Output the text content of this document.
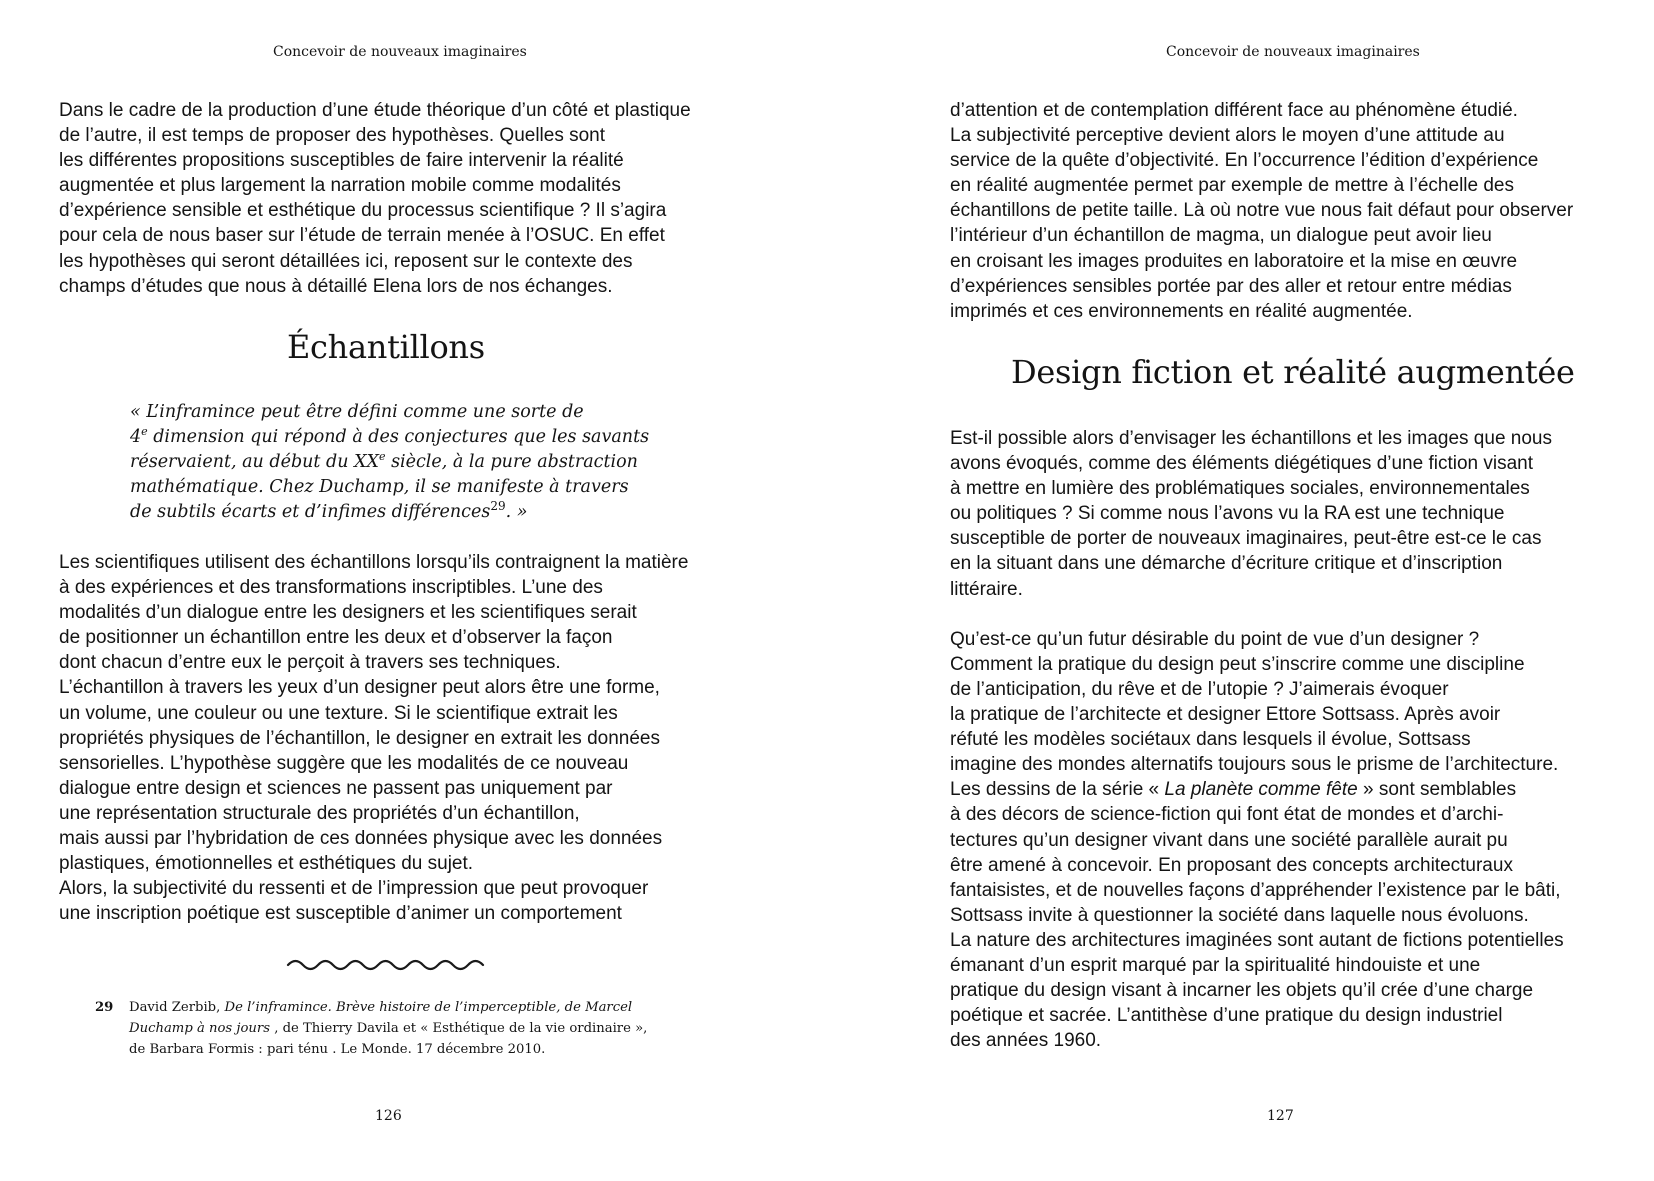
Concevoir de nouveaux imaginaires
Dans le cadre de la production d’une étude théorique d’un côté et plastique
de l’autre, il est temps de proposer des hypothèses. Quelles sont
les différentes propositions susceptibles de faire intervenir la réalité
augmentée et plus largement la narration mobile comme modalités
d’expérience sensible et esthétique du processus scientifique ? Il s’agira
pour cela de nous baser sur l’étude de terrain menée à l’OSUC. En effet
les hypothèses qui seront détaillées ici, reposent sur le contexte des
champs d’études que nous à détaillé Elena lors de nos échanges.
Échantillons
« L’inframince peut être défini comme une sorte de
4e dimension qui répond à des conjectures que les savants
réservaient, au début du XXe siècle, à la pure abstraction
mathématique. Chez Duchamp, il se manifeste à travers
de subtils écarts et d’infimes différences$^{29}$. »
Les scientifiques utilisent des échantillons lorsqu’ils contraignent la matière
à des expériences et des transformations inscriptibles. L’une des
modalités d’un dialogue entre les designers et les scientifiques serait
de positionner un échantillon entre les deux et d’observer la façon
dont chacun d’entre eux le perçoit à travers ses techniques.
L’échantillon à travers les yeux d’un designer peut alors être une forme,
un volume, une couleur ou une texture. Si le scientifique extrait les
propriétés physiques de l’échantillon, le designer en extrait les données
sensorielles. L’hypothèse suggère que les modalités de ce nouveau
dialogue entre design et sciences ne passent pas uniquement par
une représentation structurale des propriétés d’un échantillon,
mais aussi par l’hybridation de ces données physique avec les données
plastiques, émotionnelles et esthétiques du sujet.
Alors, la subjectivité du ressenti et de l’impression que peut provoquer
une inscription poétique est susceptible d’animer un comportement
29 David Zerbib, De l’inframince. Brève histoire de l’imperceptible, de Marcel
Duchamp à nos jours , de Thierry Davila et « Esthétique de la vie ordinaire »,
de Barbara Formis : pari ténu . Le Monde. 17 décembre 2010.
126
Concevoir de nouveaux imaginaires
d’attention et de contemplation différent face au phénomène étudié.
La subjectivité perceptive devient alors le moyen d’une attitude au
service de la quête d’objectivité. En l’occurrence l’édition d’expérience
en réalité augmentée permet par exemple de mettre à l’échelle des
échantillons de petite taille. Là où notre vue nous fait défaut pour observer
l’intérieur d’un échantillon de magma, un dialogue peut avoir lieu
en croisant les images produites en laboratoire et la mise en œuvre
d’expériences sensibles portée par des aller et retour entre médias
imprimés et ces environnements en réalité augmentée.
Design fiction et réalité augmentée
Est-il possible alors d’envisager les échantillons et les images que nous
avons évoqués, comme des éléments diégétiques d’une fiction visant
à mettre en lumière des problématiques sociales, environnementales
ou politiques ? Si comme nous l’avons vu la RA est une technique
susceptible de porter de nouveaux imaginaires, peut-être est-ce le cas
en la situant dans une démarche d’écriture critique et d’inscription
littéraire.
Qu’est-ce qu’un futur désirable du point de vue d’un designer ?
Comment la pratique du design peut s’inscrire comme une discipline
de l’anticipation, du rêve et de l’utopie ? J’aimerais évoquer
la pratique de l’architecte et designer Ettore Sottsass. Après avoir
réfuté les modèles sociétaux dans lesquels il évolue, Sottsass
imagine des mondes alternatifs toujours sous le prisme de l’architecture.
Les dessins de la série « La planète comme fête » sont semblables
à des décors de science-fiction qui font état de mondes et d’archi-
tectures qu’un designer vivant dans une société parallèle aurait pu
être amené à concevoir. En proposant des concepts architecturaux
fantaisistes, et de nouvelles façons d’appréhender l’existence par le bâti,
Sottsass invite à questionner la société dans laquelle nous évoluons.
La nature des architectures imaginées sont autant de fictions potentielles
émanant d’un esprit marqué par la spiritualité hindouiste et une
pratique du design visant à incarner les objets qu’il crée d’une charge
poétique et sacrée. L’antithèse d’une pratique du design industriel
des années 1960.
127
